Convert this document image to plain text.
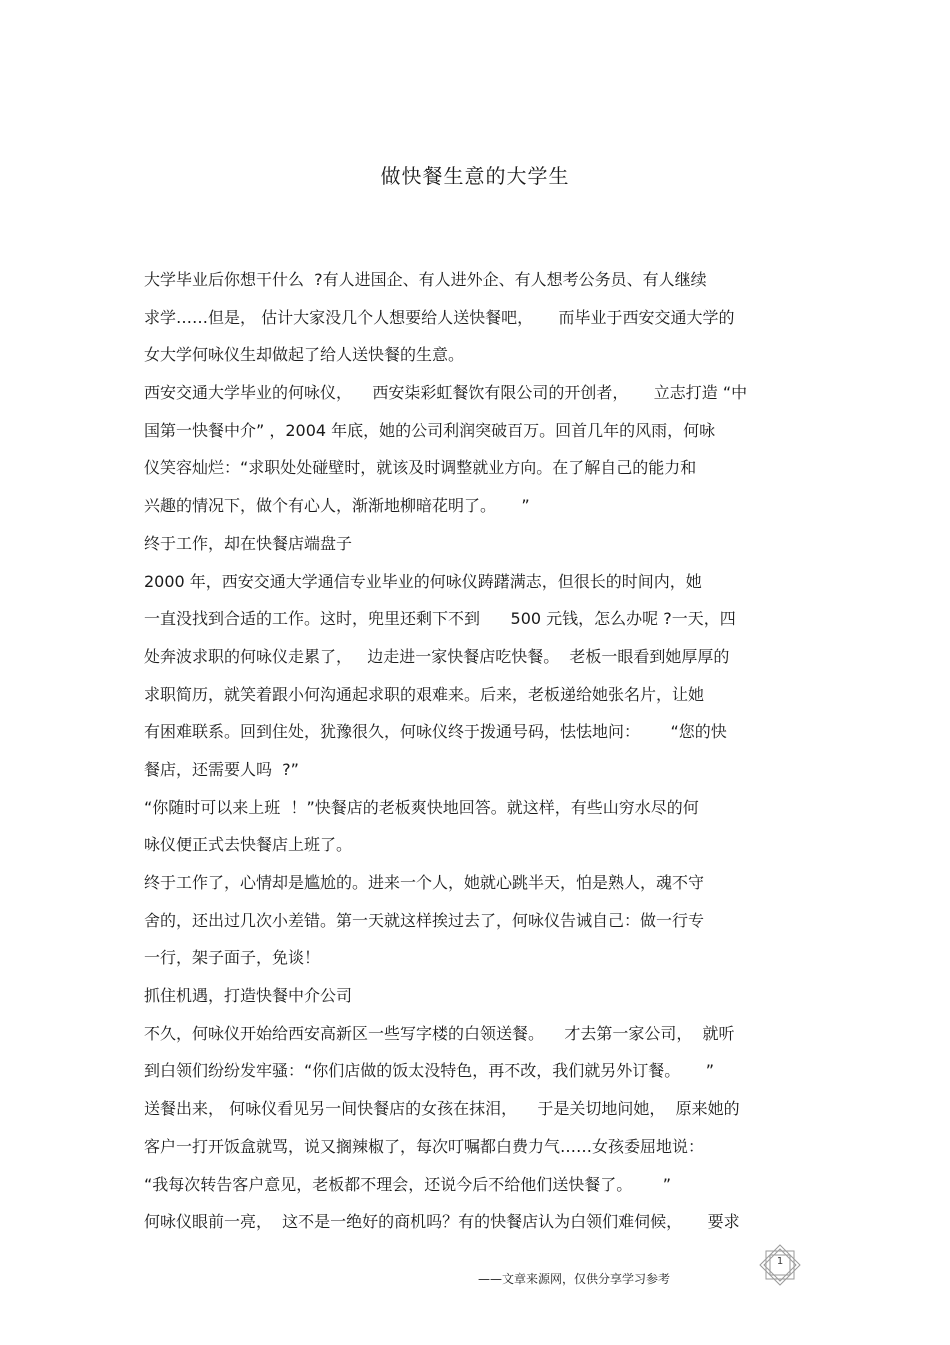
做快餐生意的大学生
大学毕业后你想干什么  ?有人进国企、有人进外企、有人想考公务员、有人继续
求学……但是， 估计大家没几个人想要给人送快餐吧，     而毕业于西安交通大学的
女大学何咏仪生却做起了给人送快餐的生意。
西安交通大学毕业的何咏仪，    西安柒彩虹餐饮有限公司的开创者，     立志打造 “中
国第一快餐中介” ，2004 年底，她的公司利润突破百万。回首几年的风雨，何咏
仪笑容灿烂：“求职处处碰壁时，就该及时调整就业方向。在了解自己的能力和
兴趣的情况下，做个有心人，渐渐地柳暗花明了。     ”
终于工作，却在快餐店端盘子
2000 年，西安交通大学通信专业毕业的何咏仪踌躇满志，但很长的时间内，她
一直没找到合适的工作。这时，兜里还剩下不到      500 元钱，怎么办呢 ?一天，四
处奔波求职的何咏仪走累了，   边走进一家快餐店吃快餐。  老板一眼看到她厚厚的
求职简历，就笑着跟小何沟通起求职的艰难来。后来，老板递给她张名片，让她
有困难联系。回到住处，犹豫很久，何咏仪终于拨通号码，怯怯地问：      “您的快
餐店，还需要人吗  ?”
“你随时可以来上班  ！”快餐店的老板爽快地回答。就这样，有些山穷水尽的何
咏仪便正式去快餐店上班了。
终于工作了，心情却是尴尬的。进来一个人，她就心跳半天，怕是熟人，魂不守
舍的，还出过几次小差错。第一天就这样挨过去了，何咏仪告诫自己：做一行专
一行，架子面子，免谈！
抓住机遇，打造快餐中介公司
不久，何咏仪开始给西安高新区一些写字楼的白领送餐。    才去第一家公司，  就听
到白领们纷纷发牢骚：“你们店做的饭太没特色，再不改，我们就另外订餐。     ”
送餐出来， 何咏仪看见另一间快餐店的女孩在抹泪，    于是关切地问她，  原来她的
客户一打开饭盒就骂，说又搁辣椒了，每次叮嘱都白费力气……女孩委屈地说：
“我每次转告客户意见，老板都不理会，还说今后不给他们送快餐了。      ”
何咏仪眼前一亮，  这不是一绝好的商机吗？有的快餐店认为白领们难伺候，     要求
——文章来源网，仅供分享学习参考
1
